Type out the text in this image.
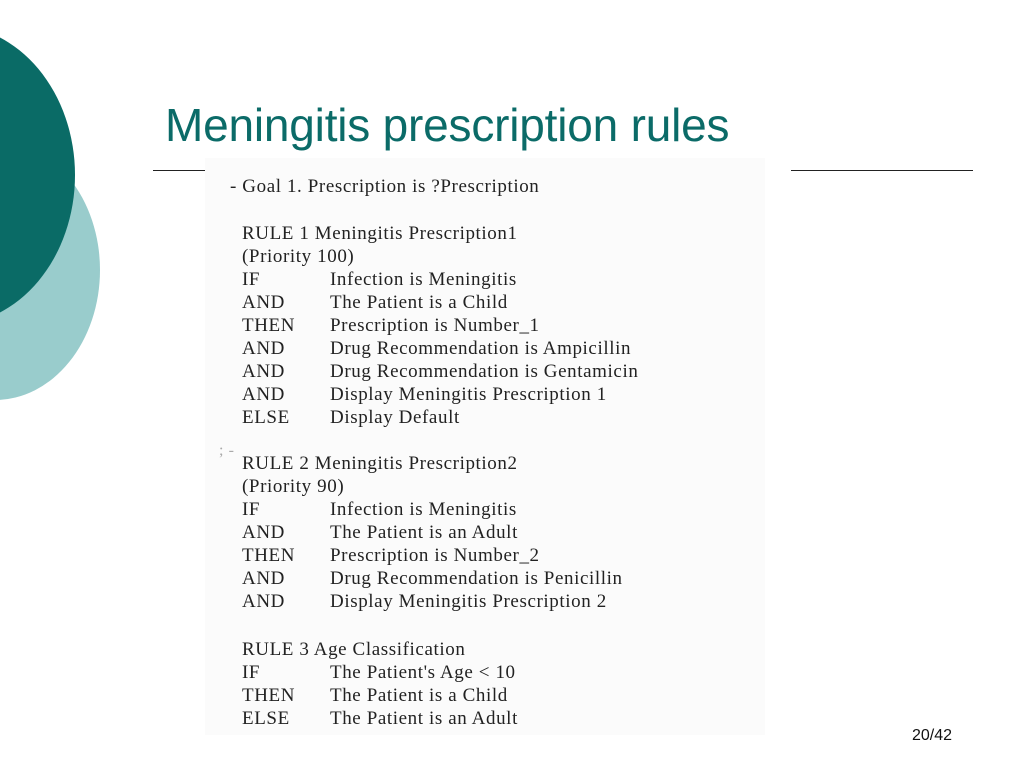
Meningitis prescription rules
- Goal 1. Prescription is ?Prescription
RULE 1 Meningitis Prescription1
(Priority 100)
IF	Infection is Meningitis
AND	The Patient is a Child
THEN	Prescription is Number_1
AND	Drug Recommendation is Ampicillin
AND	Drug Recommendation is Gentamicin
AND	Display Meningitis Prescription 1
ELSE	Display Default
; -
RULE 2 Meningitis Prescription2
(Priority 90)
IF	Infection is Meningitis
AND	The Patient is an Adult
THEN	Prescription is Number_2
AND	Drug Recommendation is Penicillin
AND	Display Meningitis Prescription 2
RULE 3 Age Classification
IF	The Patient's Age < 10
THEN	The Patient is a Child
ELSE	The Patient is an Adult
20/42
